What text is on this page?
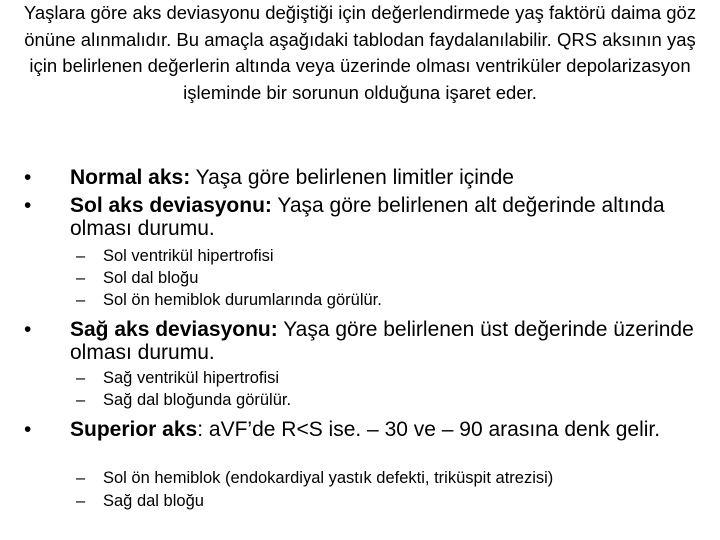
Yaşlara göre aks deviasyonu değiştiği için değerlendirmede yaş faktörü daima göz önüne alınmalıdır. Bu amaçla aşağıdaki tablodan faydalanılabilir. QRS aksının yaş için belirlenen değerlerin altında veya üzerinde olması ventriküler depolarizasyon işleminde bir sorunun olduğuna işaret eder.
• Normal aks: Yaşa göre belirlenen limitler içinde
• Sol aks deviasyonu: Yaşa göre belirlenen alt değerinde altında olması durumu.
– Sol ventrikül hipertrofisi
– Sol dal bloğu
– Sol ön hemiblok durumlarında görülür.
• Sağ aks deviasyonu: Yaşa göre belirlenen üst değerinde üzerinde olması durumu.
– Sağ ventrikül hipertrofisi
– Sağ dal bloğunda görülür.
• Superior aks: aVF’de R<S ise. – 30 ve – 90 arasına denk gelir.
– Sol ön hemiblok (endokardiyal yastık defekti, triküspit atrezisi)
– Sağ dal bloğu
